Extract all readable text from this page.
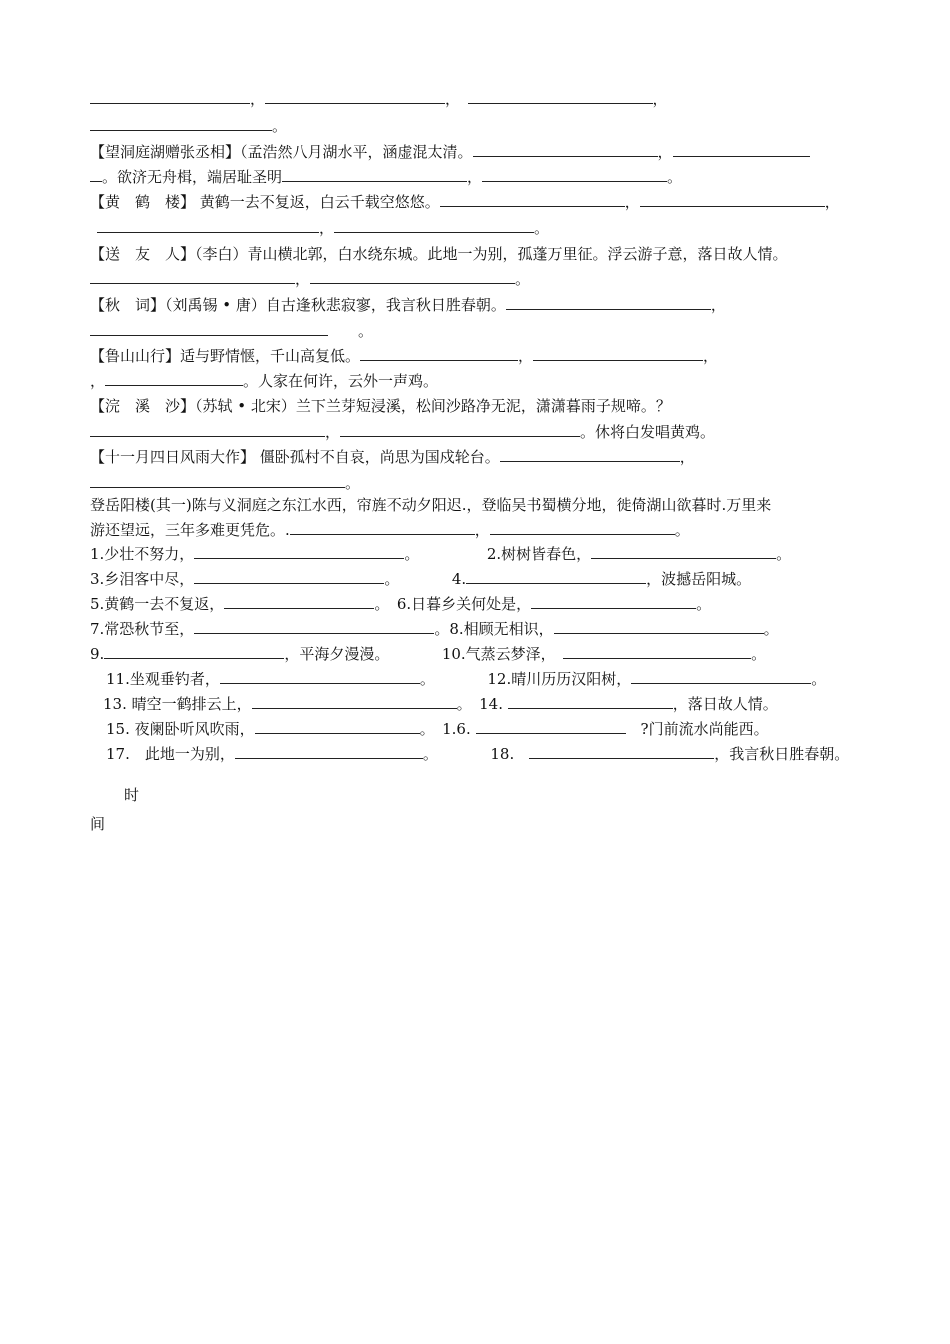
，	，　	，
。
【望洞庭湖赠张丞相】（孟浩然八月湖水平，涵虚混太清。	，
。欲济无舟楫，端居耻圣明	，	。
【黄　鹤　楼】 黄鹤一去不复返，白云千载空悠悠。	，	，
，	。
【送　友　人】（李白）青山横北郭，白水绕东城。此地一为别，孤蓬万里征。浮云游子意，落日故人情。
，	。
【秋　词】（刘禹锡 • 唐）自古逢秋悲寂寥，我言秋日胜春朝。	，
　　。
【鲁山山行】适与野情惬，千山高复低。	，	，
，	。人家在何许，云外一声鸡。
【浣　溪　沙】（苏轼 • 北宋）兰下兰芽短浸溪，松间沙路净无泥，潇潇暮雨子规啼。？
，	。休将白发唱黄鸡。
【十一月四日风雨大作】 僵卧孤村不自哀，尚思为国戍轮台。	，
。
登岳阳楼(其一)陈与义洞庭之东江水西，帘旌不动夕阳迟.，登临吴书蜀横分地，徙倚湖山欲暮时.万里来
游还望远，三年多难更凭危。.	，	。
1.少壮不努力，	。　　　　　2.树树皆春色，	。
3.乡泪客中尽，	。　　　　4.	，波撼岳阳城。
5.黄鹤一去不复返，	。　6.日暮乡关何处是，	。
7.常恐秋节至，	。8.相顾无相识，	。
9.	，平海夕漫漫。　　　　10.气蒸云梦泽，　	。
11.坐观垂钓者，	。　　　　12.晴川历历汉阳树，	。
13. 晴空一鹤排云上，	。　14.	，落日故人情。
15. 夜阑卧听风吹雨，	。　1.6.	　?门前流水尚能西。
17.　此地一为别，	。　　　　18.　	，我言秋日胜春朝。
时
间
